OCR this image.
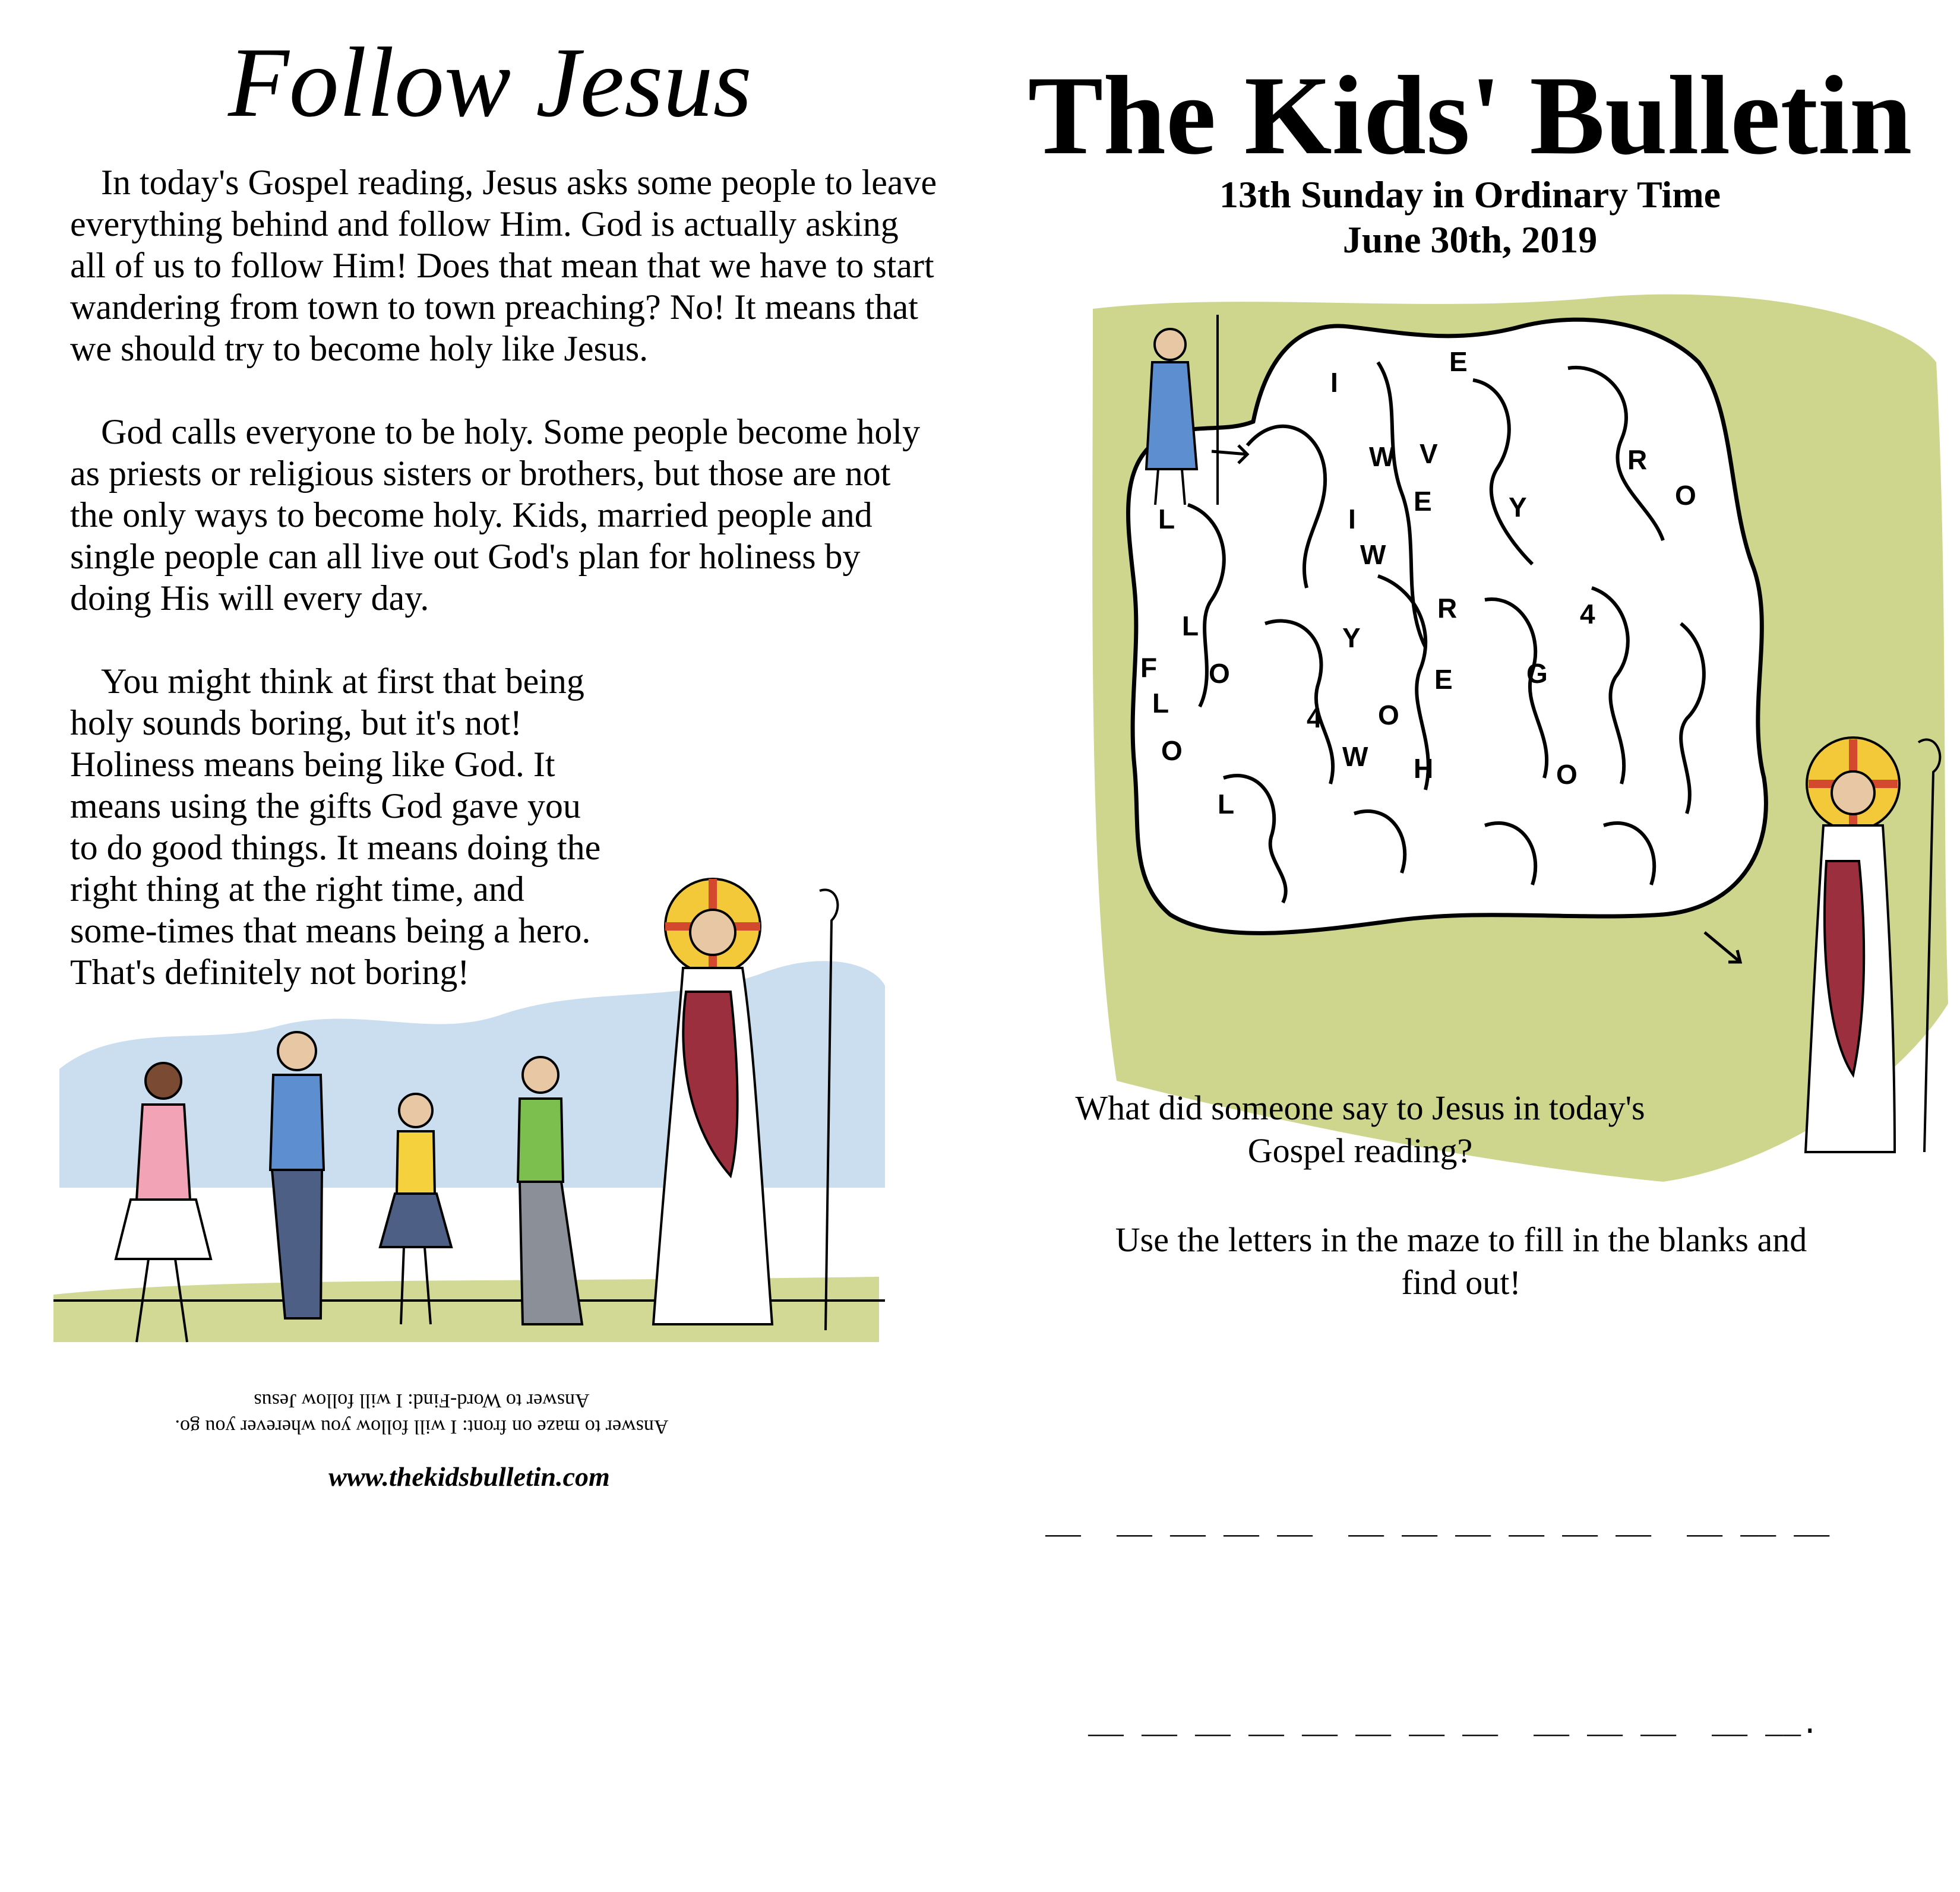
Follow Jesus

In today's Gospel reading, Jesus asks some people to leave everything behind and follow Him. God is actually asking all of us to follow Him! Does that mean that we have to start wandering from town to town preaching? No! It means that we should try to become holy like Jesus.

God calls everyone to be holy. Some people become holy as priests or religious sisters or brothers, but those are not the only ways to become holy. Kids, married people and single people can all live out God's plan for holiness by doing His will every day.

You might think at first that being holy sounds boring, but it's not! Holiness means being like God. It means using the gifts God gave you to do good things. It means doing the right thing at the right time, and some-times that means being a hero. That's definitely not boring!

Answer to maze on front: I will follow you wherever you go.
Answer to Word-Find: I will follow Jesus
www.thekidsbulletin.com
The Kids' Bulletin
13th Sunday in Ordinary Time
June 30th, 2019
E
I
W V	R
E	Y	O
L	I
W
R	4
L	Y
F O	E	G
L	4 O
O	W H	O
L
What did someone say to Jesus in today's Gospel reading?
Use the letters in the maze to fill in the blanks and find out!

__  __ __ __ __  __ __ __ __ __ __  __ __ __

__ __ __ __ __ __ __ __  __ __ __  __ __.
